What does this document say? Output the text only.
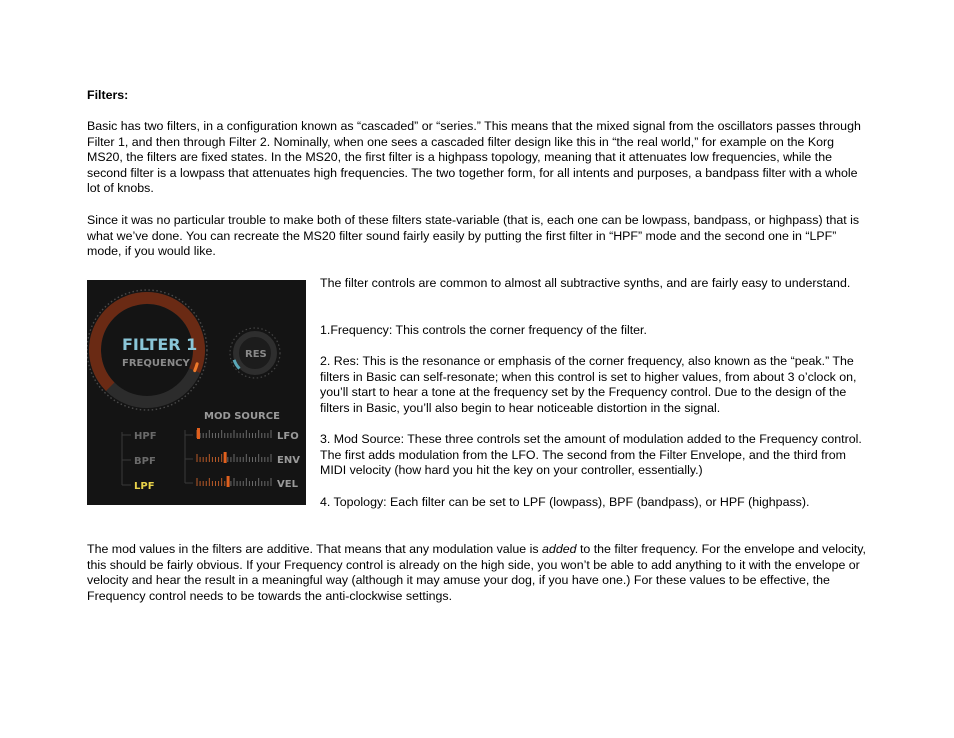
Filters:

Basic has two filters, in a configuration known as “cascaded” or “series.” This means that the mixed signal from the oscillators passes through Filter 1, and then through Filter 2. Nominally, when one sees a cascaded filter design like this in “the real world,” for example on the Korg MS20, the filters are fixed states. In the MS20, the first filter is a highpass topology, meaning that it attenuates low frequencies, while the second filter is a lowpass that attenuates high frequencies. The two together form, for all intents and purposes, a bandpass filter with a whole lot of knobs.

Since it was no particular trouble to make both of these filters state-variable (that is, each one can be lowpass, bandpass, or highpass) that is what we’ve done. You can recreate the MS20 filter sound fairly easily by putting the first filter in “HPF” mode and the second one in “LPF” mode, if you would like.

FILTER 1
FREQUENCY
RES
MOD SOURCE
HPF
BPF
LPF
LFO
ENV
VEL

The filter controls are common to almost all subtractive synths, and are fairly easy to understand.

1.Frequency: This controls the corner frequency of the filter.

2. Res: This is the resonance or emphasis of the corner frequency, also known as the “peak.” The filters in Basic can self-resonate; when this control is set to higher values, from about 3 o’clock on, you’ll start to hear a tone at the frequency set by the Frequency control. Due to the design of the filters in Basic, you’ll also begin to hear noticeable distortion in the signal.

3. Mod Source: These three controls set the amount of modulation added to the Frequency control. The first adds modulation from the LFO. The second from the Filter Envelope, and the third from MIDI velocity (how hard you hit the key on your controller, essentially.)

4. Topology: Each filter can be set to LPF (lowpass), BPF (bandpass), or HPF (highpass).

The mod values in the filters are additive. That means that any modulation value is added to the filter frequency. For the envelope and velocity, this should be fairly obvious. If your Frequency control is already on the high side, you won’t be able to add anything to it with the envelope or velocity and hear the result in a meaningful way (although it may amuse your dog, if you have one.) For these values to be effective, the Frequency control needs to be towards the anti-clockwise settings.
